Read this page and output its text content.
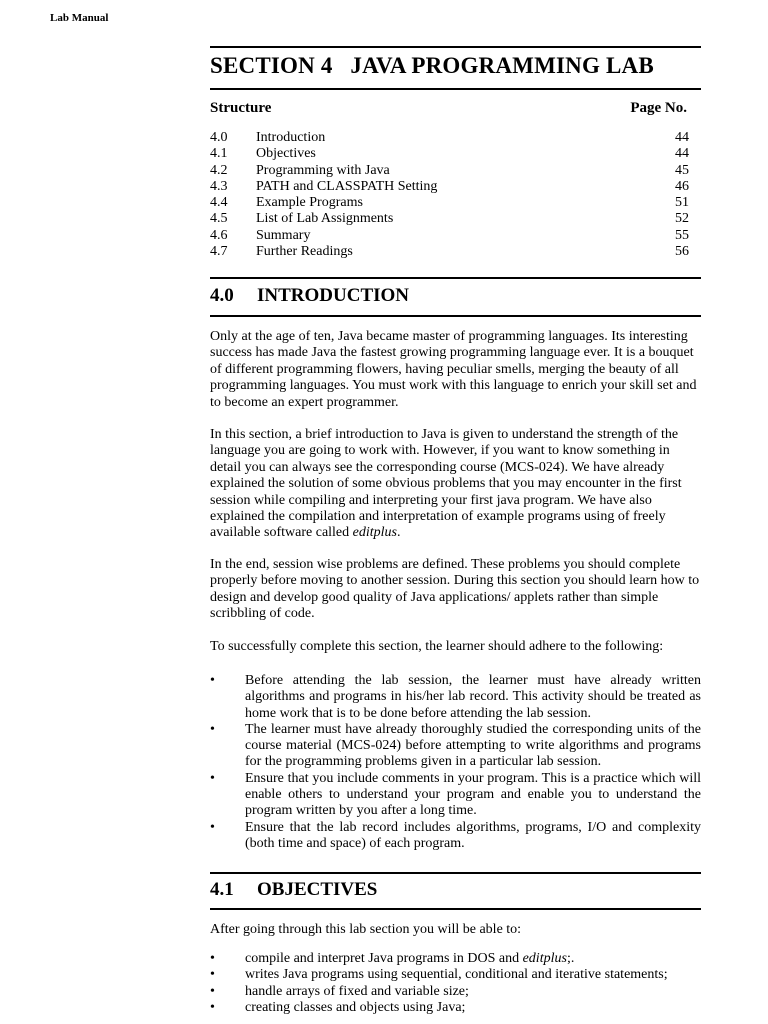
Lab Manual
SECTION 4   JAVA PROGRAMMING LAB
Structure	Page No.
4.0 Introduction	44
4.1 Objectives	44
4.2 Programming with Java	45
4.3 PATH and CLASSPATH Setting	46
4.4 Example Programs	51
4.5 List of Lab Assignments	52
4.6 Summary	55
4.7 Further Readings	56
4.0 INTRODUCTION

Only at the age of ten, Java became master of programming languages. Its interesting success has made Java the fastest growing programming language ever. It is a bouquet of different programming flowers, having peculiar smells, merging the beauty of all programming languages. You must work with this language to enrich your skill set and to become an expert programmer.

In this section, a brief introduction to Java is given to understand the strength of the language you are going to work with. However, if you want to know something in detail you can always see the corresponding course (MCS-024). We have already explained the solution of some obvious problems that you may encounter in the first session while compiling and interpreting your first java program. We have also explained the compilation and interpretation of example programs using of freely available software called editplus.

In the end, session wise problems are defined. These problems you should complete properly before moving to another session. During this section you should learn how to design and develop good quality of Java applications/ applets rather than simple scribbling of code.

To successfully complete this section, the learner should adhere to the following:

• Before attending the lab session, the learner must have already written algorithms and programs in his/her lab record. This activity should be treated as home work that is to be done before attending the lab session.
• The learner must have already thoroughly studied the corresponding units of the course material (MCS-024) before attempting to write algorithms and programs for the programming problems given in a particular lab session.
• Ensure that you include comments in your program. This is a practice which will enable others to understand your program and enable you to understand the program written by you after a long time.
• Ensure that the lab record includes algorithms, programs, I/O and complexity (both time and space) of each program.
4.1 OBJECTIVES

After going through this lab section you will be able to:

• compile and interpret Java programs in DOS and editplus;.
• writes Java programs using sequential, conditional and iterative statements;
• handle arrays of fixed and variable size;
• creating classes and objects using Java;
